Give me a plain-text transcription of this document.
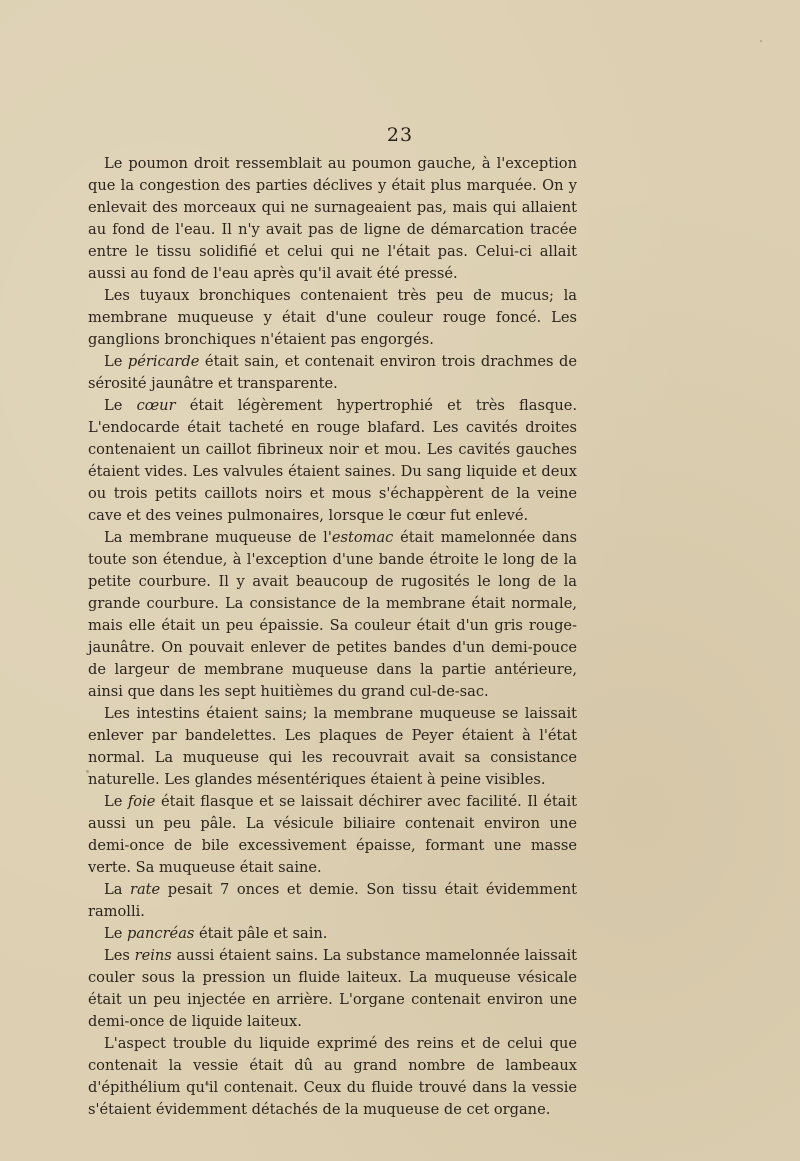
23

Le poumon droit ressemblait au poumon gauche, à l'exception que la congestion des parties déclives y était plus marquée. On y enlevait des morceaux qui ne surnageaient pas, mais qui allaient au fond de l'eau. Il n'y avait pas de ligne de démarcation tracée entre le tissu solidifié et celui qui ne l'était pas. Celui-ci allait aussi au fond de l'eau après qu'il avait été pressé.

Les tuyaux bronchiques contenaient très peu de mucus; la membrane muqueuse y était d'une couleur rouge foncé. Les ganglions bronchiques n'étaient pas engorgés.

Le péricarde était sain, et contenait environ trois drachmes de sérosité jaunâtre et transparente.

Le cœur était légèrement hypertrophié et très flasque. L'endocarde était tacheté en rouge blafard. Les cavités droites contenaient un caillot fibrineux noir et mou. Les cavités gauches étaient vides. Les valvules étaient saines. Du sang liquide et deux ou trois petits caillots noirs et mous s'échappèrent de la veine cave et des veines pulmonaires, lorsque le cœur fut enlevé.

La membrane muqueuse de l'estomac était mamelonnée dans toute son étendue, à l'exception d'une bande étroite le long de la petite courbure. Il y avait beaucoup de rugosités le long de la grande courbure. La consistance de la membrane était normale, mais elle était un peu épaissie. Sa couleur était d'un gris rouge-jaunâtre. On pouvait enlever de petites bandes d'un demi-pouce de largeur de membrane muqueuse dans la partie antérieure, ainsi que dans les sept huitièmes du grand cul-de-sac.

Les intestins étaient sains; la membrane muqueuse se laissait enlever par bandelettes. Les plaques de Peyer étaient à l'état normal. La muqueuse qui les recouvrait avait sa consistance naturelle. Les glandes mésentériques étaient à peine visibles.

Le foie était flasque et se laissait déchirer avec facilité. Il était aussi un peu pâle. La vésicule biliaire contenait environ une demi-once de bile excessivement épaisse, formant une masse verte. Sa muqueuse était saine.

La rate pesait 7 onces et demie. Son tissu était évidemment ramolli.

Le pancréas était pâle et sain.

Les reins aussi étaient sains. La substance mamelonnée laissait couler sous la pression un fluide laiteux. La muqueuse vésicale était un peu injectée en arrière. L'organe contenait environ une demi-once de liquide laiteux.

L'aspect trouble du liquide exprimé des reins et de celui que contenait la vessie était dû au grand nombre de lambeaux d'épithélium qu'il contenait. Ceux du fluide trouvé dans la vessie s'étaient évidemment détachés de la muqueuse de cet organe.
